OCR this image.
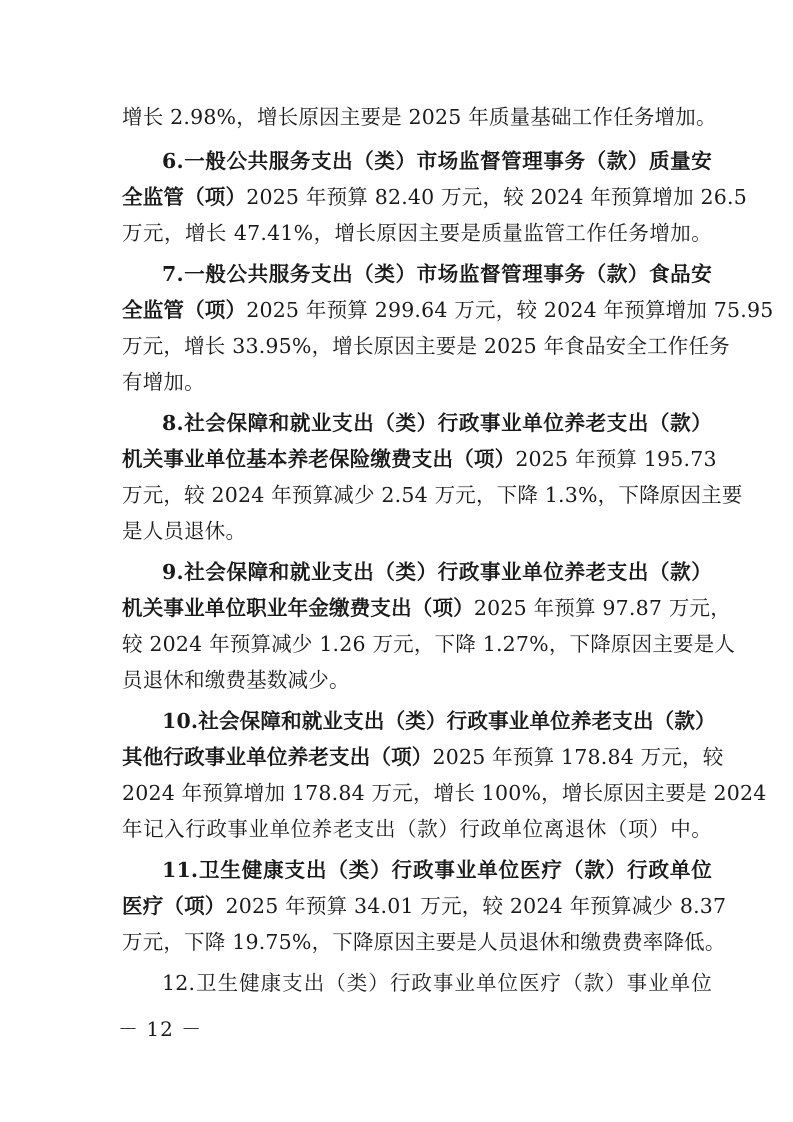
增长 2.98%，增长原因主要是 2025 年质量基础工作任务增加。
6.一般公共服务支出（类）市场监督管理事务（款）质量安
全监管（项）2025 年预算 82.40 万元，较 2024 年预算增加 26.5
万元，增长 47.41%，增长原因主要是质量监管工作任务增加。
7.一般公共服务支出（类）市场监督管理事务（款）食品安
全监管（项）2025 年预算 299.64 万元，较 2024 年预算增加 75.95
万元，增长 33.95%，增长原因主要是 2025 年食品安全工作任务
有增加。
8.社会保障和就业支出（类）行政事业单位养老支出（款）
机关事业单位基本养老保险缴费支出（项）2025 年预算 195.73
万元，较 2024 年预算减少 2.54 万元，下降 1.3%，下降原因主要
是人员退休。
9.社会保障和就业支出（类）行政事业单位养老支出（款）
机关事业单位职业年金缴费支出（项）2025 年预算 97.87 万元，
较 2024 年预算减少 1.26 万元，下降 1.27%，下降原因主要是人
员退休和缴费基数减少。
10.社会保障和就业支出（类）行政事业单位养老支出（款）
其他行政事业单位养老支出（项）2025 年预算 178.84 万元，较
2024 年预算增加 178.84 万元，增长 100%，增长原因主要是 2024
年记入行政事业单位养老支出（款）行政单位离退休（项）中。
11.卫生健康支出（类）行政事业单位医疗（款）行政单位
医疗（项）2025 年预算 34.01 万元，较 2024 年预算减少 8.37
万元，下降 19.75%，下降原因主要是人员退休和缴费费率降低。
12.卫生健康支出（类）行政事业单位医疗（款）事业单位
－ 12 －
